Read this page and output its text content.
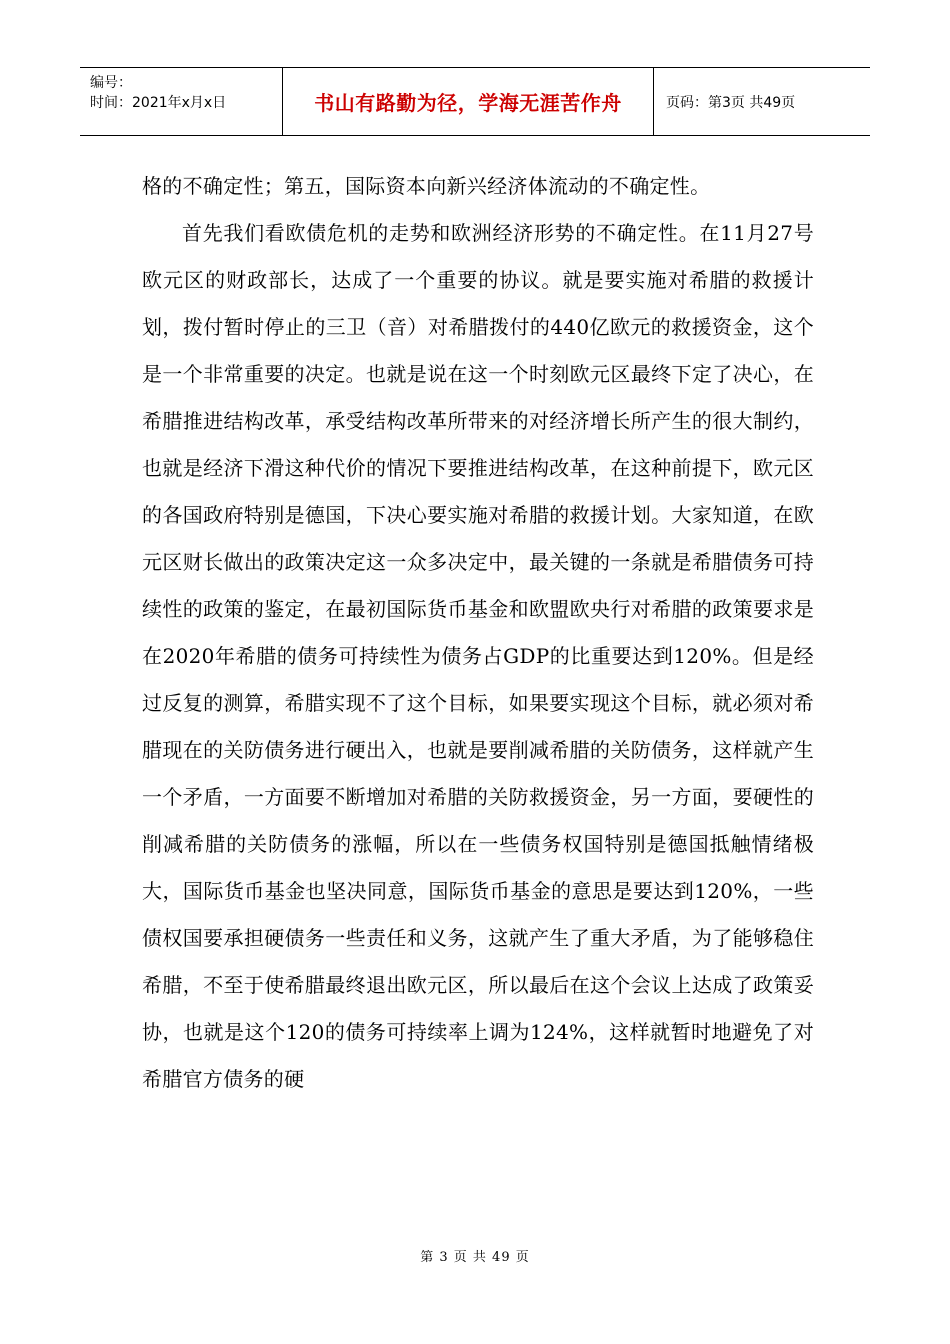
编号：
时间：2021年x月x日	书山有路勤为径，学海无涯苦作舟	页码：第3页 共49页

格的不确定性；第五，国际资本向新兴经济体流动的不确定性。

首先我们看欧债危机的走势和欧洲经济形势的不确定性。在11月27号欧元区的财政部长，达成了一个重要的协议。就是要实施对希腊的救援计划，拨付暂时停止的三卫（音）对希腊拨付的440亿欧元的救援资金，这个是一个非常重要的决定。也就是说在这一个时刻欧元区最终下定了决心，在希腊推进结构改革，承受结构改革所带来的对经济增长所产生的很大制约，也就是经济下滑这种代价的情况下要推进结构改革，在这种前提下，欧元区的各国政府特别是德国，下决心要实施对希腊的救援计划。大家知道，在欧元区财长做出的政策决定这一众多决定中，最关键的一条就是希腊债务可持续性的政策的鉴定，在最初国际货币基金和欧盟欧央行对希腊的政策要求是在2020年希腊的债务可持续性为债务占GDP的比重要达到120%。但是经过反复的测算，希腊实现不了这个目标，如果要实现这个目标，就必须对希腊现在的关防债务进行硬出入，也就是要削减希腊的关防债务，这样就产生一个矛盾，一方面要不断增加对希腊的关防救援资金，另一方面，要硬性的削减希腊的关防债务的涨幅，所以在一些债务权国特别是德国抵触情绪极大，国际货币基金也坚决同意，国际货币基金的意思是要达到120%，一些债权国要承担硬债务一些责任和义务，这就产生了重大矛盾，为了能够稳住希腊，不至于使希腊最终退出欧元区，所以最后在这个会议上达成了政策妥协，也就是这个120的债务可持续率上调为124%，这样就暂时地避免了对希腊官方债务的硬

第 3 页 共 49 页
